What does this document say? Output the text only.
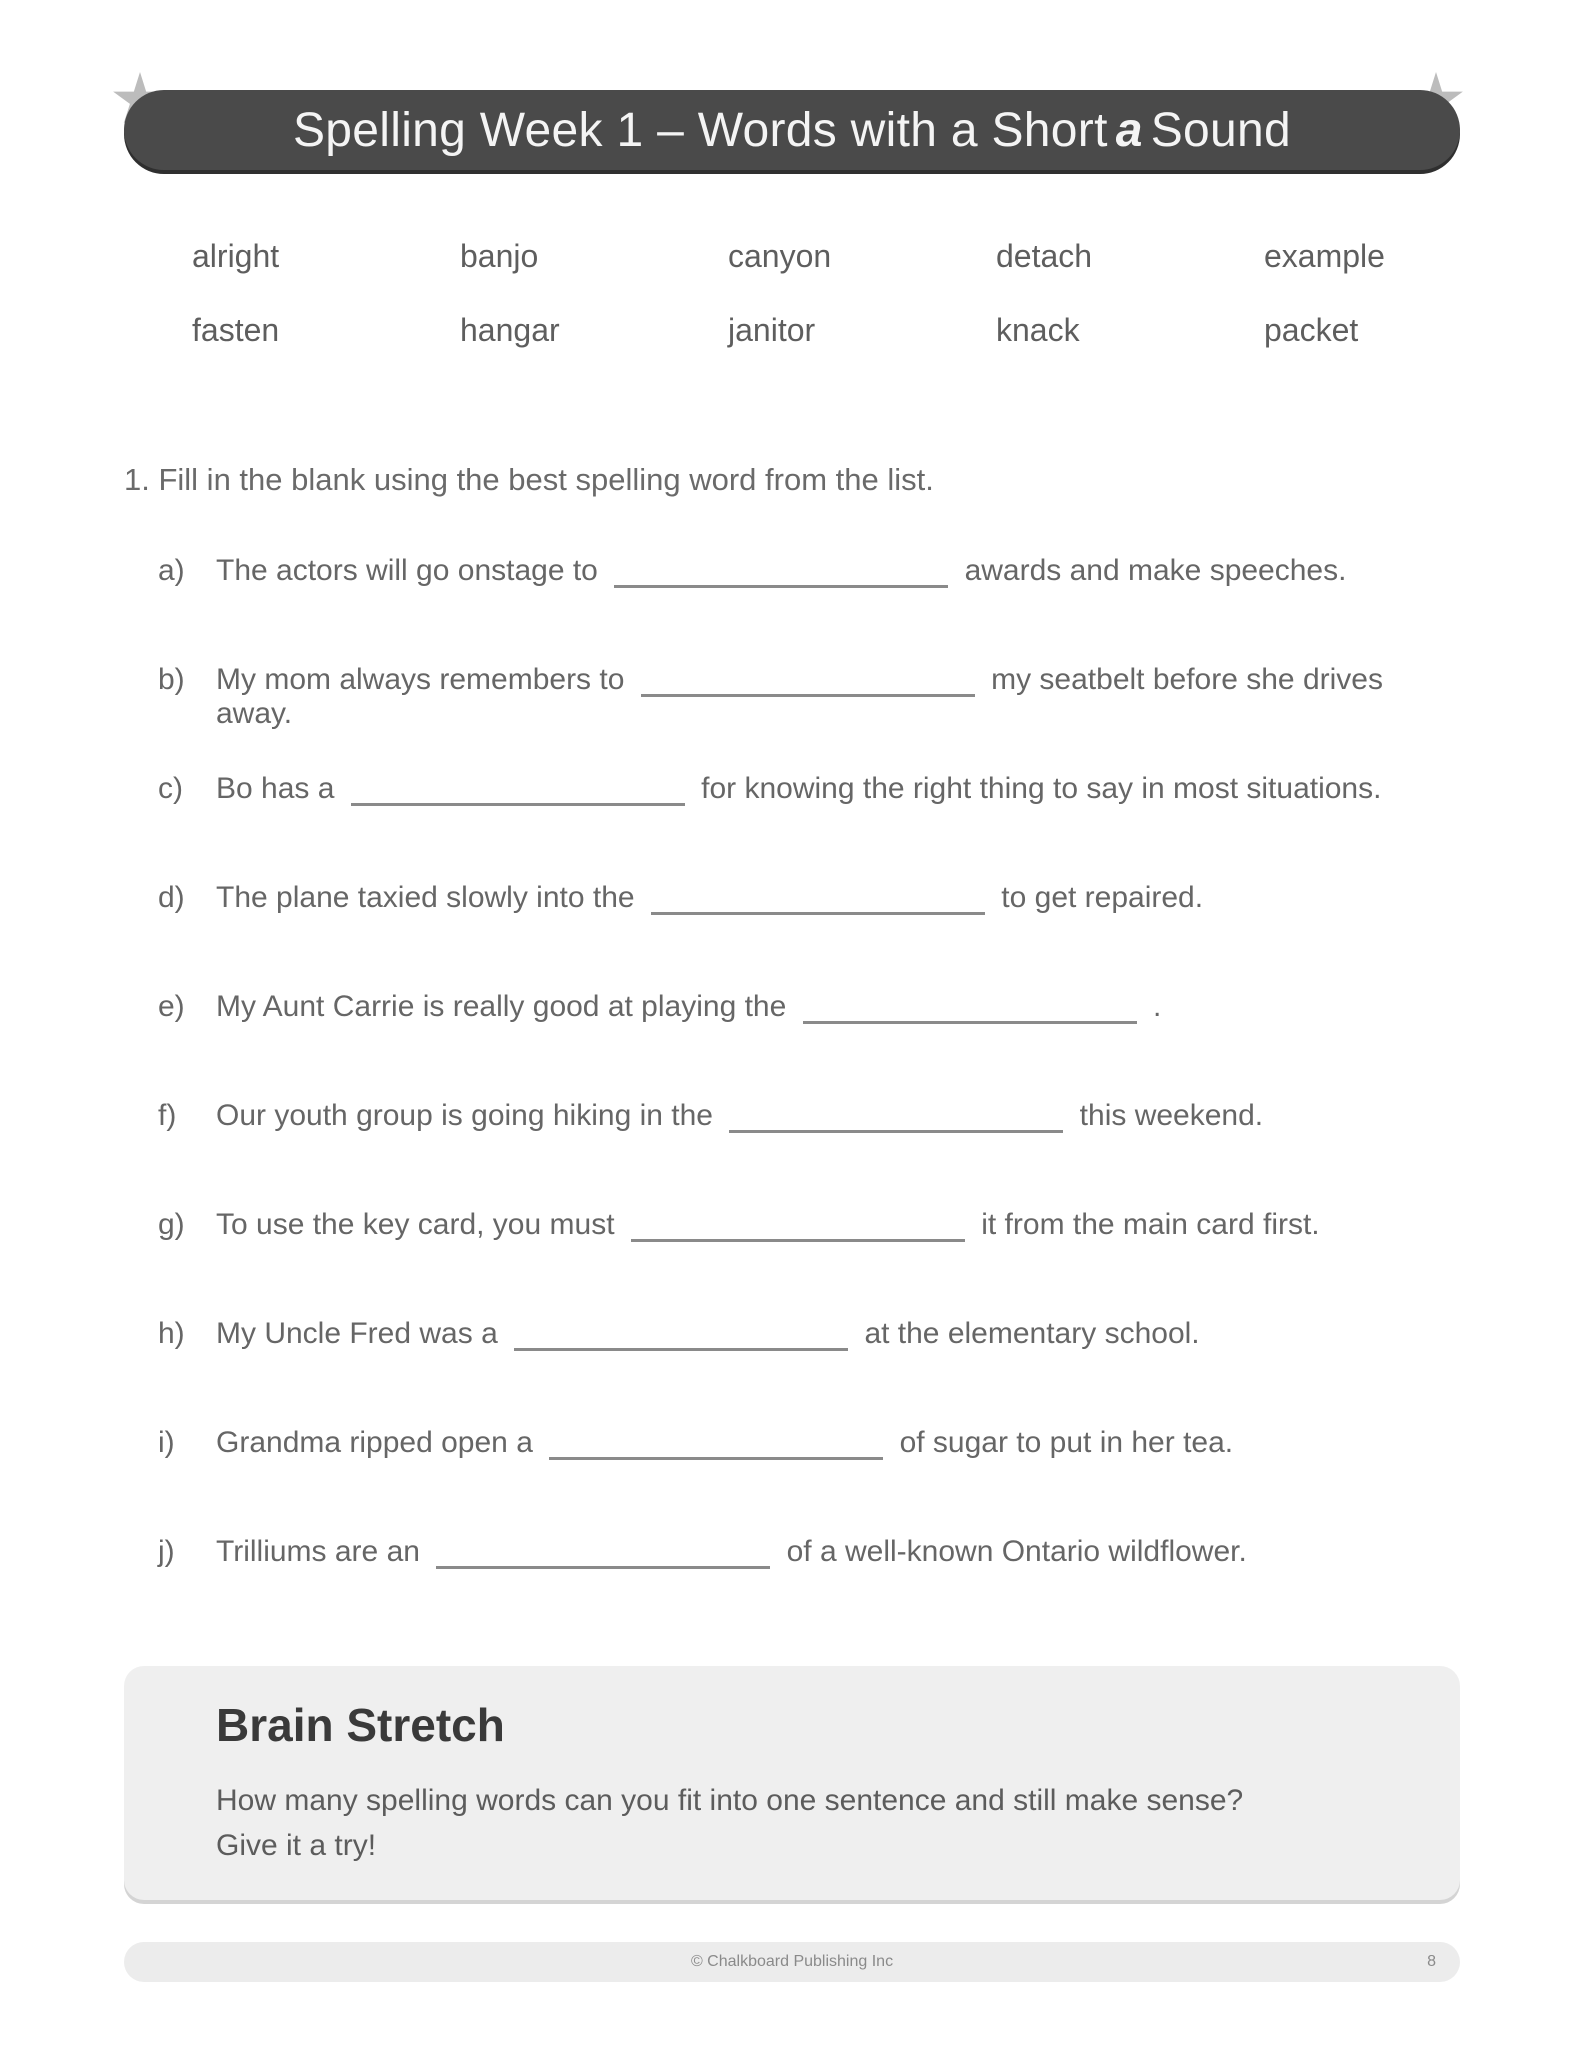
Spelling Week 1 – Words with a Short a Sound
alright	banjo	canyon	detach	example
fasten	hangar	janitor	knack	packet
1. Fill in the blank using the best spelling word from the list.
a)	The actors will go onstage to	awards and make speeches.
b)	My mom always remembers to	my seatbelt before she drives away.
c)	Bo has a	for knowing the right thing to say in most situations.
d)	The plane taxied slowly into the	to get repaired.
e)	My Aunt Carrie is really good at playing the	.
f)	Our youth group is going hiking in the	this weekend.
g)	To use the key card, you must	it from the main card first.
h)	My Uncle Fred was a	at the elementary school.
i)	Grandma ripped open a	of sugar to put in her tea.
j)	Trilliums are an	of a well-known Ontario wildflower.
Brain Stretch
How many spelling words can you fit into one sentence and still make sense?
Give it a try!
© Chalkboard Publishing Inc	8
